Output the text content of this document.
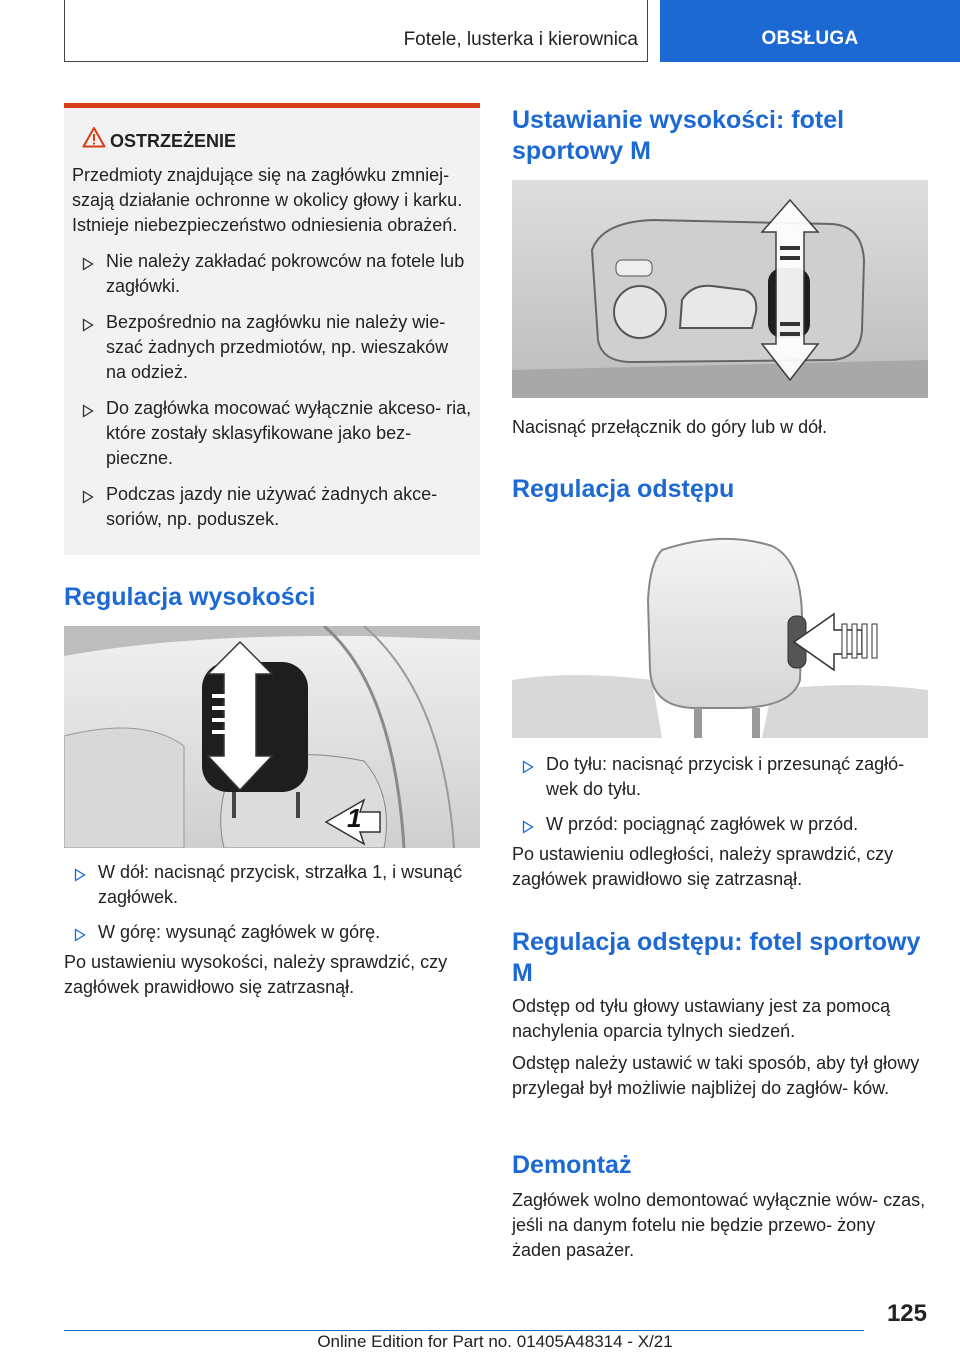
Fotele, lusterka i kierownica	OBSŁUGA
OSTRZEŻENIE

Przedmioty znajdujące się na zagłówku zmniej- szają działanie ochronne w okolicy głowy i karku. Istnieje niebezpieczeństwo odniesienia obrażeń.

Nie należy zakładać pokrowców na fotele lub zagłówki.
Bezpośrednio na zagłówku nie należy wie- szać żadnych przedmiotów, np. wieszaków na odzież.
Do zagłówka mocować wyłącznie akceso- ria, które zostały sklasyfikowane jako bez- pieczne.
Podczas jazdy nie używać żadnych akce- soriów, np. poduszek.
Regulacja wysokości
1
W dół: nacisnąć przycisk, strzałka 1, i wsunąć zagłówek.
W górę: wysunąć zagłówek w górę.

Po ustawieniu wysokości, należy sprawdzić, czy zagłówek prawidłowo się zatrzasnął.

Ustawianie wysokości: fotel sportowy M

Nacisnąć przełącznik do góry lub w dół.

Regulacja odstępu
Do tyłu: nacisnąć przycisk i przesunąć zagłó- wek do tyłu.
W przód: pociągnąć zagłówek w przód.

Po ustawieniu odległości, należy sprawdzić, czy zagłówek prawidłowo się zatrzasnął.

Regulacja odstępu: fotel sportowy M

Odstęp od tyłu głowy ustawiany jest za pomocą nachylenia oparcia tylnych siedzeń.

Odstęp należy ustawić w taki sposób, aby tył głowy przylegał był możliwie najbliżej do zagłów- ków.

Demontaż

Zagłówek wolno demontować wyłącznie wów- czas, jeśli na danym fotelu nie będzie przewo- żony żaden pasażer.

125
Online Edition for Part no. 01405A48314 - X/21
